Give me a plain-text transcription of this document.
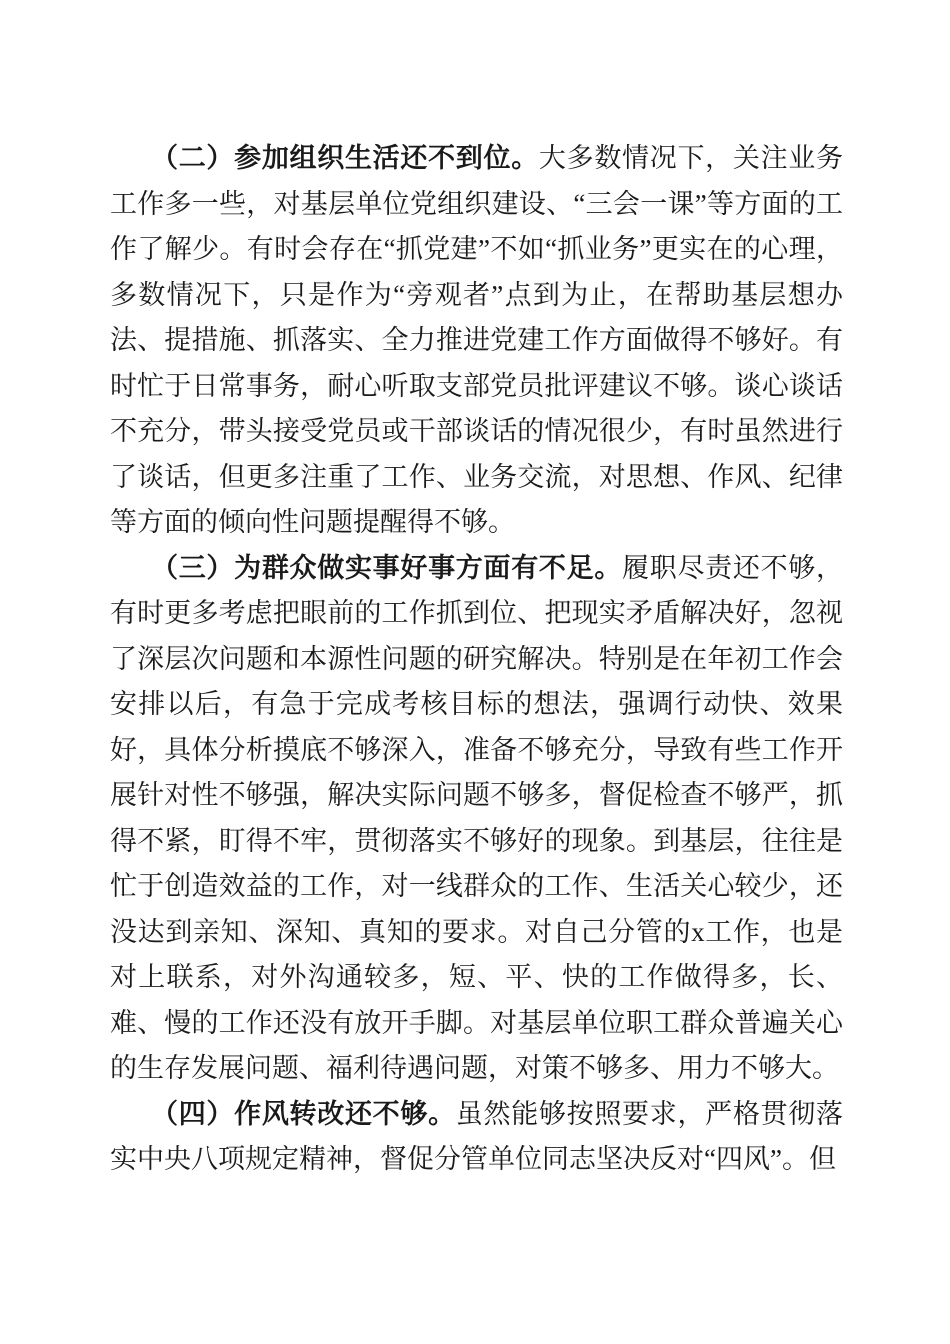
（二）参加组织生活还不到位。大多数情况下，关注业务工作多一些，对基层单位党组织建设、“三会一课”等方面的工作了解少。有时会存在“抓党建”不如“抓业务”更实在的心理，多数情况下，只是作为“旁观者”点到为止，在帮助基层想办法、提措施、抓落实、全力推进党建工作方面做得不够好。有时忙于日常事务，耐心听取支部党员批评建议不够。谈心谈话不充分，带头接受党员或干部谈话的情况很少，有时虽然进行了谈话，但更多注重了工作、业务交流，对思想、作风、纪律等方面的倾向性问题提醒得不够。

（三）为群众做实事好事方面有不足。履职尽责还不够，有时更多考虑把眼前的工作抓到位、把现实矛盾解决好，忽视了深层次问题和本源性问题的研究解决。特别是在年初工作会安排以后，有急于完成考核目标的想法，强调行动快、效果好，具体分析摸底不够深入，准备不够充分，导致有些工作开展针对性不够强，解决实际问题不够多，督促检查不够严，抓得不紧，盯得不牢，贯彻落实不够好的现象。到基层，往往是忙于创造效益的工作，对一线群众的工作、生活关心较少，还没达到亲知、深知、真知的要求。对自己分管的x工作，也是对上联系，对外沟通较多，短、平、快的工作做得多，长、难、慢的工作还没有放开手脚。对基层单位职工群众普遍关心的生存发展问题、福利待遇问题，对策不够多、用力不够大。

（四）作风转改还不够。虽然能够按照要求，严格贯彻落实中央八项规定精神，督促分管单位同志坚决反对“四风”。但
